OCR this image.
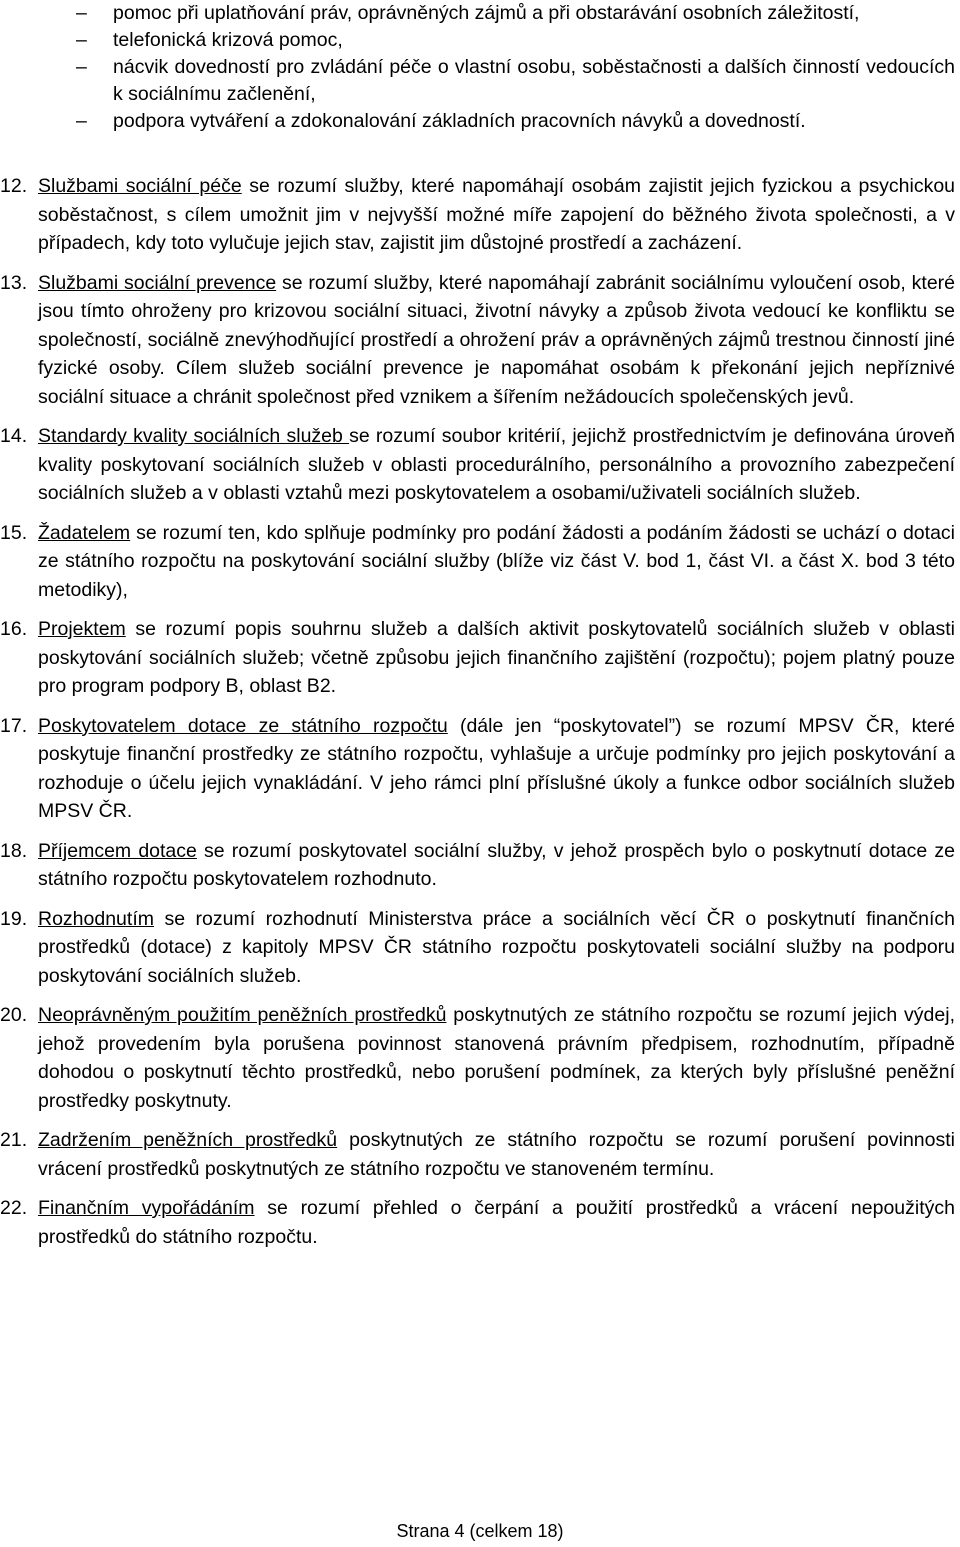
– pomoc při uplatňování práv, oprávněných zájmů a při obstarávání osobních záležitostí,
– telefonická krizová pomoc,
– nácvik dovedností pro zvládání péče o vlastní osobu, soběstačnosti a dalších činností vedoucích k sociálnímu začlenění,
– podpora vytváření a zdokonalování základních pracovních návyků a dovedností.
12. Službami sociální péče se rozumí služby, které napomáhají osobám zajistit jejich fyzickou a psychickou soběstačnost, s cílem umožnit jim v nejvyšší možné míře zapojení do běžného života společnosti, a v případech, kdy toto vylučuje jejich stav, zajistit jim důstojné prostředí a zacházení.
13. Službami sociální prevence se rozumí služby, které napomáhají zabránit sociálnímu vyloučení osob, které jsou tímto ohroženy pro krizovou sociální situaci, životní návyky a způsob života vedoucí ke konfliktu se společností, sociálně znevýhodňující prostředí a ohrožení práv a oprávněných zájmů trestnou činností jiné fyzické osoby. Cílem služeb sociální prevence je napomáhat osobám k překonání jejich nepříznivé sociální situace a chránit společnost před vznikem a šířením nežádoucích společenských jevů.
14. Standardy kvality sociálních služeb se rozumí soubor kritérií, jejichž prostřednictvím je definována úroveň kvality poskytovaní sociálních služeb v oblasti procedurálního, personálního a provozního zabezpečení sociálních služeb a v oblasti vztahů mezi poskytovatelem a osobami/uživateli sociálních služeb.
15. Žadatelem se rozumí ten, kdo splňuje podmínky pro podání žádosti a podáním žádosti se uchází o dotaci ze státního rozpočtu na poskytování sociální služby (blíže viz část V. bod 1, část VI. a část X. bod 3 této metodiky),
16. Projektem se rozumí popis souhrnu služeb a dalších aktivit poskytovatelů sociálních služeb v oblasti poskytování sociálních služeb; včetně způsobu jejich finančního zajištění (rozpočtu); pojem platný pouze pro program podpory B, oblast B2.
17. Poskytovatelem dotace ze státního rozpočtu (dále jen “poskytovatel”) se rozumí MPSV ČR, které poskytuje finanční prostředky ze státního rozpočtu, vyhlašuje a určuje podmínky pro jejich poskytování a rozhoduje o účelu jejich vynakládání. V jeho rámci plní příslušné úkoly a funkce odbor sociálních služeb MPSV ČR.
18. Příjemcem dotace se rozumí poskytovatel sociální služby, v jehož prospěch bylo o poskytnutí dotace ze státního rozpočtu poskytovatelem rozhodnuto.
19. Rozhodnutím se rozumí rozhodnutí Ministerstva práce a sociálních věcí ČR o poskytnutí finančních prostředků (dotace) z kapitoly MPSV ČR státního rozpočtu poskytovateli sociální služby na podporu poskytování sociálních služeb.
20. Neoprávněným použitím peněžních prostředků poskytnutých ze státního rozpočtu se rozumí jejich výdej, jehož provedením byla porušena povinnost stanovená právním předpisem, rozhodnutím, případně dohodou o poskytnutí těchto prostředků, nebo porušení podmínek, za kterých byly příslušné peněžní prostředky poskytnuty.
21. Zadržením peněžních prostředků poskytnutých ze státního rozpočtu se rozumí porušení povinnosti vrácení prostředků poskytnutých ze státního rozpočtu ve stanoveném termínu.
22. Finančním vypořádáním se rozumí přehled o čerpání a použití prostředků a vrácení nepoužitých prostředků do státního rozpočtu.
Strana 4 (celkem 18)
